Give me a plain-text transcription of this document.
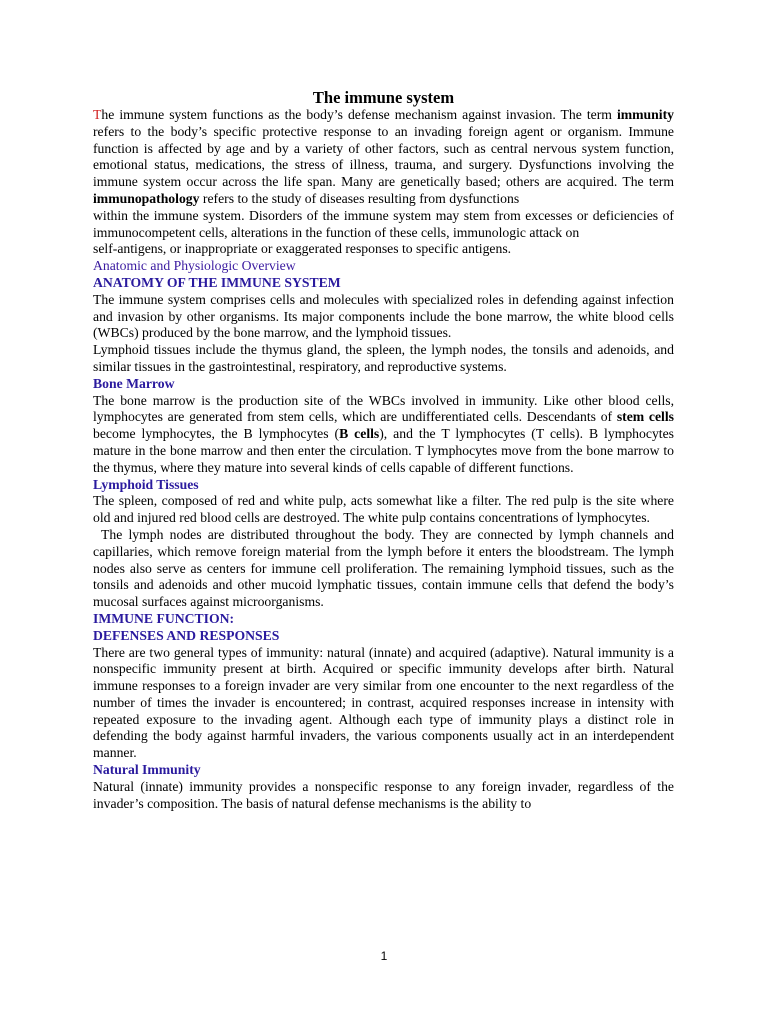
The immune system

The immune system functions as the body’s defense mechanism against invasion. The term immunity refers to the body’s specific protective response to an invading foreign agent or organism. Immune function is affected by age and by a variety of other factors, such as central nervous system function, emotional status, medications, the stress of illness, trauma, and surgery. Dysfunctions involving the immune system occur across the life span. Many are genetically based; others are acquired. The term immunopathology refers to the study of diseases resulting from dysfunctions

within the immune system. Disorders of the immune system may stem from excesses or deficiencies of immunocompetent cells, alterations in the function of these cells, immunologic attack on

self-antigens, or inappropriate or exaggerated responses to specific antigens.

Anatomic and Physiologic Overview

ANATOMY OF THE IMMUNE SYSTEM

The immune system comprises cells and molecules with specialized roles in defending against infection and invasion by other organisms. Its major components include the bone marrow, the white blood cells (WBCs) produced by the bone marrow, and the lymphoid tissues.

Lymphoid tissues include the thymus gland, the spleen, the lymph nodes, the tonsils and adenoids, and similar tissues in the gastrointestinal, respiratory, and reproductive systems.

Bone Marrow

The bone marrow is the production site of the WBCs involved in immunity. Like other blood cells, lymphocytes are generated from stem cells, which are undifferentiated cells. Descendants of stem cells become lymphocytes, the B lymphocytes (B cells), and the T lymphocytes (T cells). B lymphocytes mature in the bone marrow and then enter the circulation. T lymphocytes move from the bone marrow to the thymus, where they mature into several kinds of cells capable of different functions.

Lymphoid Tissues

The spleen, composed of red and white pulp, acts somewhat like a filter. The red pulp is the site where old and injured red blood cells are destroyed. The white pulp contains concentrations of lymphocytes.

The lymph nodes are distributed throughout the body. They are connected by lymph channels and capillaries, which remove foreign material from the lymph before it enters the bloodstream. The lymph nodes also serve as centers for immune cell proliferation. The remaining lymphoid tissues, such as the tonsils and adenoids and other mucoid lymphatic tissues, contain immune cells that defend the body’s mucosal surfaces against microorganisms.

IMMUNE FUNCTION:

DEFENSES AND RESPONSES

There are two general types of immunity: natural (innate) and acquired (adaptive). Natural immunity is a nonspecific immunity present at birth. Acquired or specific immunity develops after birth. Natural immune responses to a foreign invader are very similar from one encounter to the next regardless of the number of times the invader is encountered; in contrast, acquired responses increase in intensity with repeated exposure to the invading agent. Although each type of immunity plays a distinct role in defending the body against harmful invaders, the various components usually act in an interdependent manner.

Natural Immunity

Natural (innate) immunity provides a nonspecific response to any foreign invader, regardless of the invader’s composition. The basis of natural defense mechanisms is the ability to

1
